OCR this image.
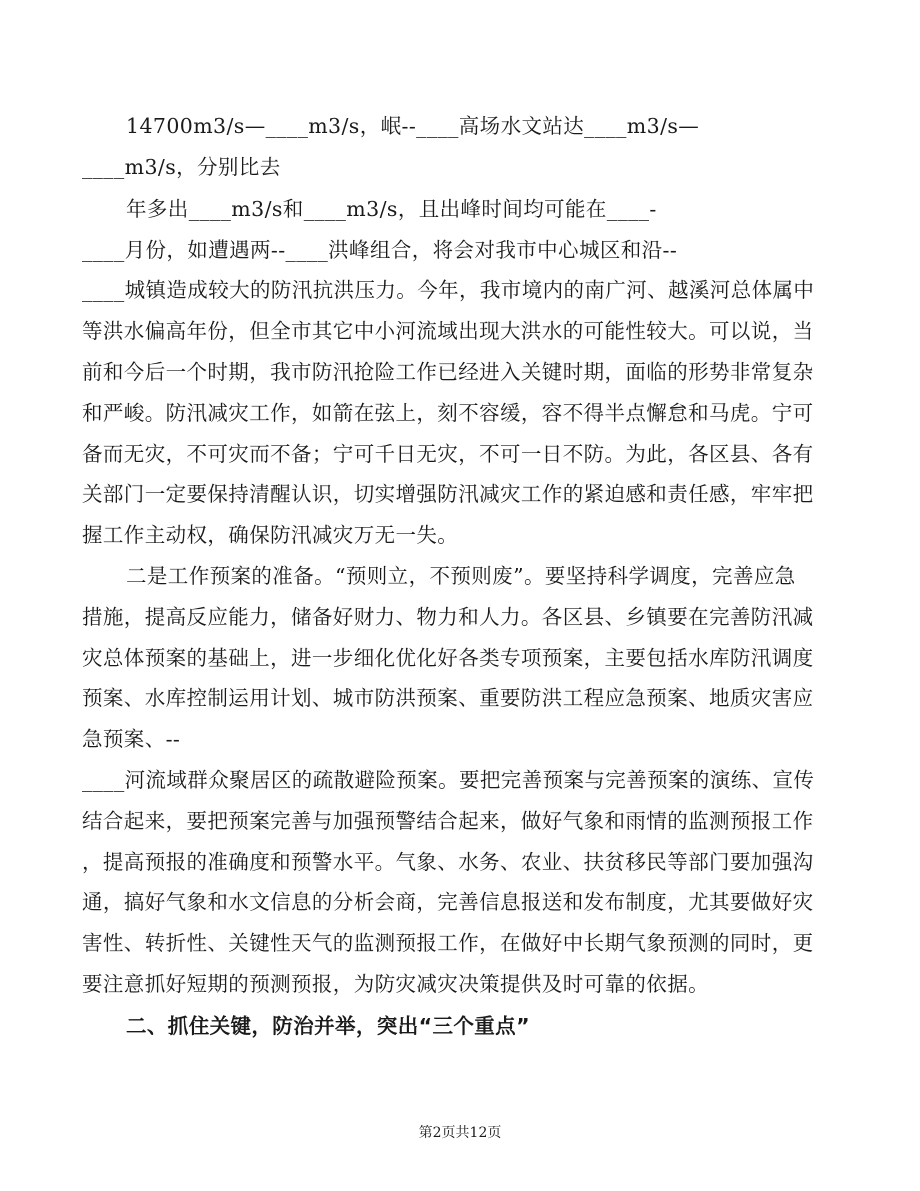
14700m3/s—____m3/s，岷--____高场水文站达____m3/s—
____m3/s，分别比去
年多出____m3/s和____m3/s，且出峰时间均可能在____-
____月份，如遭遇两--____洪峰组合，将会对我市中心城区和沿--
____城镇造成较大的防汛抗洪压力。今年，我市境内的南广河、越溪河总体属中
等洪水偏高年份，但全市其它中小河流域出现大洪水的可能性较大。可以说，当
前和今后一个时期，我市防汛抢险工作已经进入关键时期，面临的形势非常复杂
和严峻。防汛减灾工作，如箭在弦上，刻不容缓，容不得半点懈怠和马虎。宁可
备而无灾，不可灾而不备；宁可千日无灾，不可一日不防。为此，各区县、各有
关部门一定要保持清醒认识，切实增强防汛减灾工作的紧迫感和责任感，牢牢把
握工作主动权，确保防汛减灾万无一失。
二是工作预案的准备。“预则立，不预则废”。要坚持科学调度，完善应急
措施，提高反应能力，储备好财力、物力和人力。各区县、乡镇要在完善防汛减
灾总体预案的基础上，进一步细化优化好各类专项预案，主要包括水库防汛调度
预案、水库控制运用计划、城市防洪预案、重要防洪工程应急预案、地质灾害应
急预案、--
____河流域群众聚居区的疏散避险预案。要把完善预案与完善预案的演练、宣传
结合起来，要把预案完善与加强预警结合起来，做好气象和雨情的监测预报工作
，提高预报的准确度和预警水平。气象、水务、农业、扶贫移民等部门要加强沟
通，搞好气象和水文信息的分析会商，完善信息报送和发布制度，尤其要做好灾
害性、转折性、关键性天气的监测预报工作，在做好中长期气象预测的同时，更
要注意抓好短期的预测预报，为防灾减灾决策提供及时可靠的依据。
二、抓住关键，防治并举，突出“三个重点”
第2页共12页
